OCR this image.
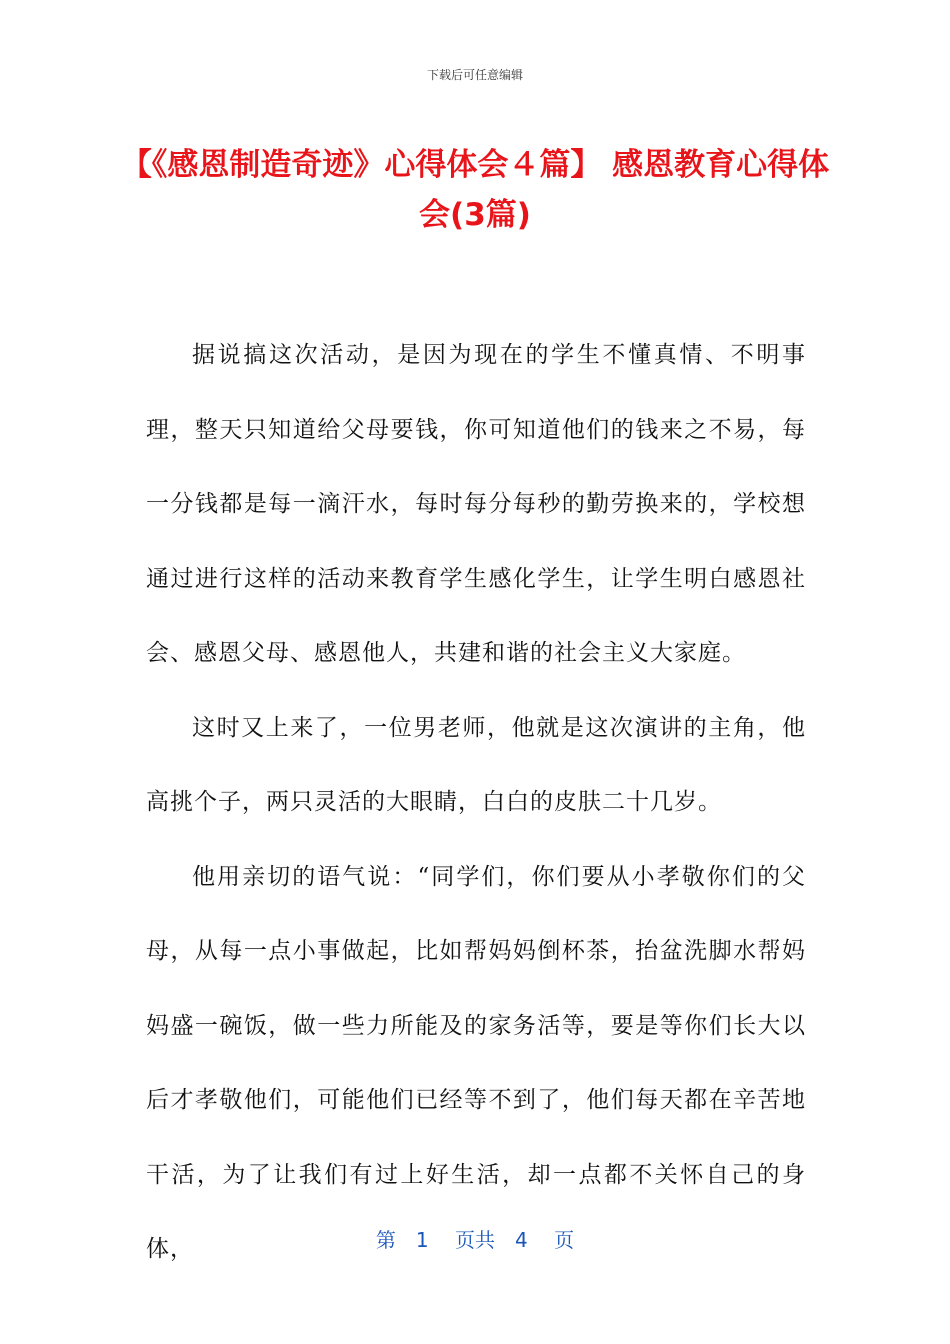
下载后可任意编辑
【《感恩制造奇迹》心得体会４篇】 感恩教育心得体会(3篇)

据说搞这次活动，是因为现在的学生不懂真情、不明事理，整天只知道给父母要钱，你可知道他们的钱来之不易，每一分钱都是每一滴汗水，每时每分每秒的勤劳换来的，学校想通过进行这样的活动来教育学生感化学生，让学生明白感恩社会、感恩父母、感恩他人，共建和谐的社会主义大家庭。

这时又上来了，一位男老师，他就是这次演讲的主角，他高挑个子，两只灵活的大眼睛，白白的皮肤二十几岁。

他用亲切的语气说：“同学们，你们要从小孝敬你们的父母，从每一点小事做起，比如帮妈妈倒杯茶，抬盆洗脚水帮妈妈盛一碗饭，做一些力所能及的家务活等，要是等你们长大以后才孝敬他们，可能他们已经等不到了，他们每天都在辛苦地干活，为了让我们有过上好生活，却一点都不关怀自己的身体，	第　1　 页共　4　 页
